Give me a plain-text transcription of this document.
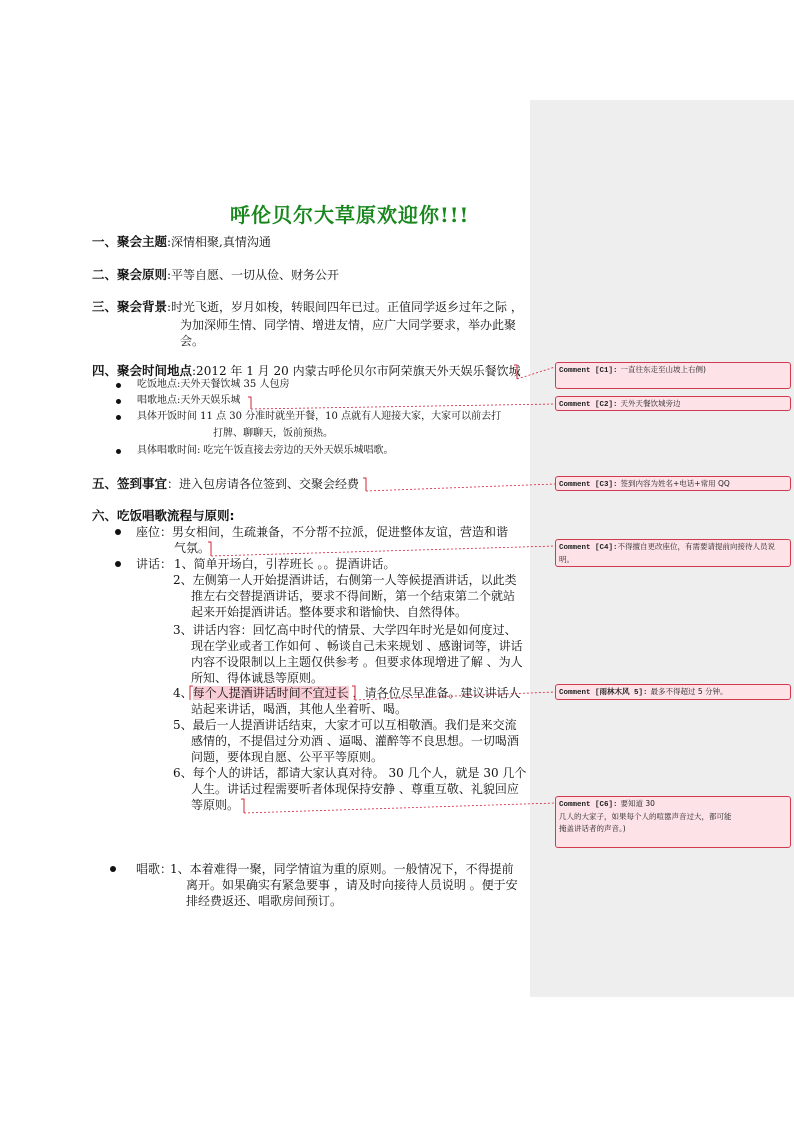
呼伦贝尔大草原欢迎你!!!
一、聚会主题:深情相聚,真情沟通
二、聚会原则:平等自愿、一切从俭、财务公开
三、聚会背景:时光飞逝，岁月如梭，转眼间四年已过。正值同学返乡过年之际 ，
为加深师生情、同学情、增进友情，应广大同学要求，举办此聚
会。
四、聚会时间地点:2012 年 1 月 20 内蒙古呼伦贝尔市阿荣旗天外天娱乐餐饮城
吃饭地点:天外天餐饮城 35 人包房
唱歌地点:天外天娱乐城
具体开饭时间 11 点 30 分准时就坐开餐，10 点就有人迎接大家，大家可以前去打
打牌、聊聊天，饭前预热。
具体唱歌时间: 吃完午饭直接去旁边的天外天娱乐城唱歌。
五、签到事宜：进入包房请各位签到、交聚会经费
六、吃饭唱歌流程与原则:
座位：男女相间，生疏兼备，不分帮不拉派，促进整体友谊，营造和谐
气氛。
讲话： 1、简单开场白，引荐班长 。。提酒讲话。
2、左侧第一人开始提酒讲话，右侧第一人等候提酒讲话，以此类
推左右交替提酒讲话，要求不得间断，第一个结束第二个就站
起来开始提酒讲话。整体要求和谐愉快、自然得体。
3、讲话内容：回忆高中时代的情景、大学四年时光是如何度过、
现在学业或者工作如何 、畅谈自己未来规划 、感谢词等，讲话
内容不设限制以上主题仅供参考 。但要求体现增进了解 、为人
所知、得体诚恳等原则。
4、每个人提酒讲话时间不宜过长 ，请各位尽早准备。建议讲话人
站起来讲话，喝酒，其他人坐着听、喝。
5、最后一人提酒讲话结束，大家才可以互相敬酒。我们是来交流
感情的，不提倡过分劝酒 、逼喝、灌醉等不良思想。一切喝酒
问题，要体现自愿、公平平等原则。
6、每个人的讲话，都请大家认真对待。 30 几个人，就是 30 几个
人生。讲话过程需要听者体现保持安静 、尊重互敬、礼貌回应
等原则。
唱歌：
1、本着难得一聚，同学情谊为重的原则。一般情况下，不得提前
离开。如果确实有紧急要事 ，请及时向接待人员说明 。便于安
排经费返还、唱歌房间预订。
Comment [C1]: 一直往东走至山坡上右侧)
Comment [C2]: 天外天餐饮城旁边
Comment [C3]: 签到内容为姓名+电话+常用 QQ
Comment [C4]:不得擅自更改座位，有需要请提前向接待人员说明。
Comment [雨林木风 5]: 最多不得超过 5 分钟。
Comment [C6]: 要知道 30
几人的大家子，如果每个人的喧嚣声音过大，都可能
掩盖讲话者的声音。)
